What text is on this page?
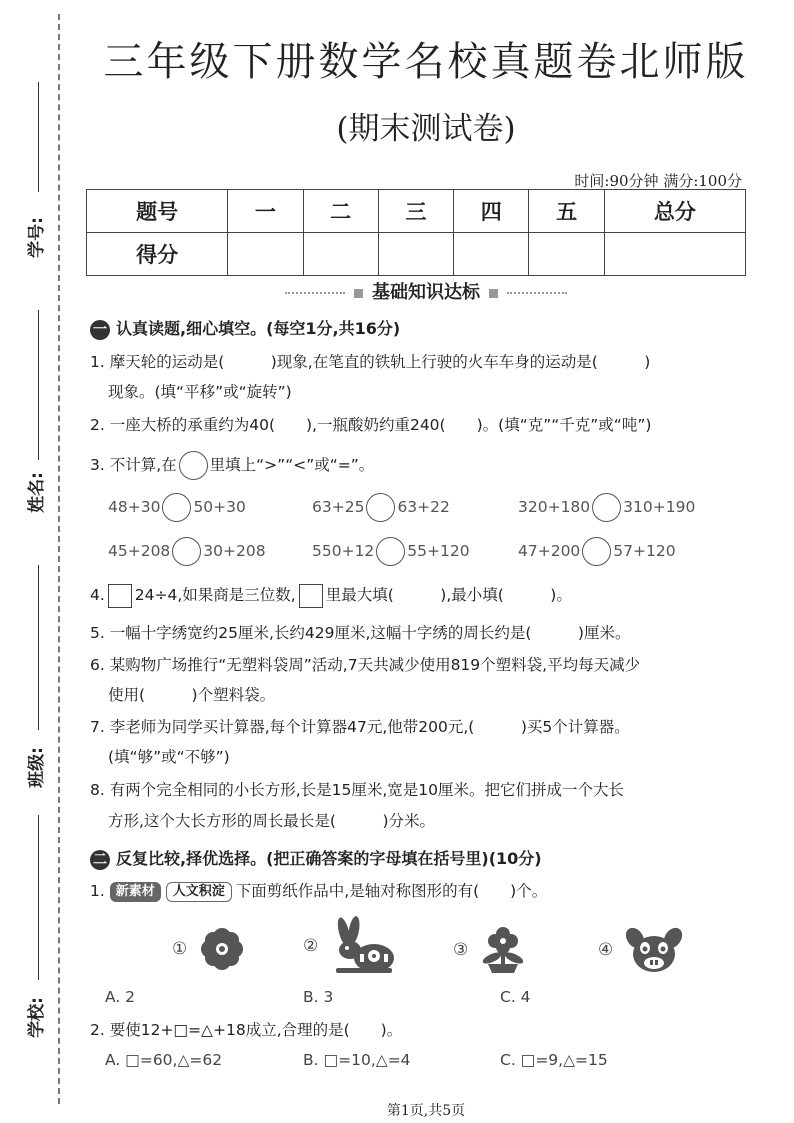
学号:
姓名:
班级:
学校:
三年级下册数学名校真题卷北师版
(期末测试卷)
时间:90分钟 满分:100分
题号	一	二	三	四	五	总分
得分						
基础知识达标
一 认真读题,细心填空。(每空1分,共16分)
1. 摩天轮的运动是(　　　)现象,在笔直的铁轨上行驶的火车车身的运动是(　　　)
现象。(填“平移”或“旋转”)
2. 一座大桥的承重约为40(　　),一瓶酸奶约重240(　　)。(填“克”“千克”或“吨”)
3. 不计算,在 里填上“>”“<”或“=”。
48+30 50+30	63+25 63+22	320+180 310+190
45+208 30+208	550+12 55+120	47+200 57+120
4. 24÷4,如果商是三位数, 里最大填(　　　),最小填(　　　)。
5. 一幅十字绣宽约25厘米,长约429厘米,这幅十字绣的周长约是(　　　)厘米。
6. 某购物广场推行“无塑料袋周”活动,7天共减少使用819个塑料袋,平均每天减少
使用(　　　)个塑料袋。
7. 李老师为同学买计算器,每个计算器47元,他带200元,(　　　)买5个计算器。
(填“够”或“不够”)
8. 有两个完全相同的小长方形,长是15厘米,宽是10厘米。把它们拼成一个大长
方形,这个大长方形的周长最长是(　　　)分米。
二 反复比较,择优选择。(把正确答案的字母填在括号里)(10分)
1. 新素材 人文积淀 下面剪纸作品中,是轴对称图形的有(　　)个。
①	②	③	④
A. 2	B. 3	C. 4
2. 要使12+□=△+18成立,合理的是(　　)。
A. □=60,△=62	B. □=10,△=4	C. □=9,△=15
第1页,共5页
